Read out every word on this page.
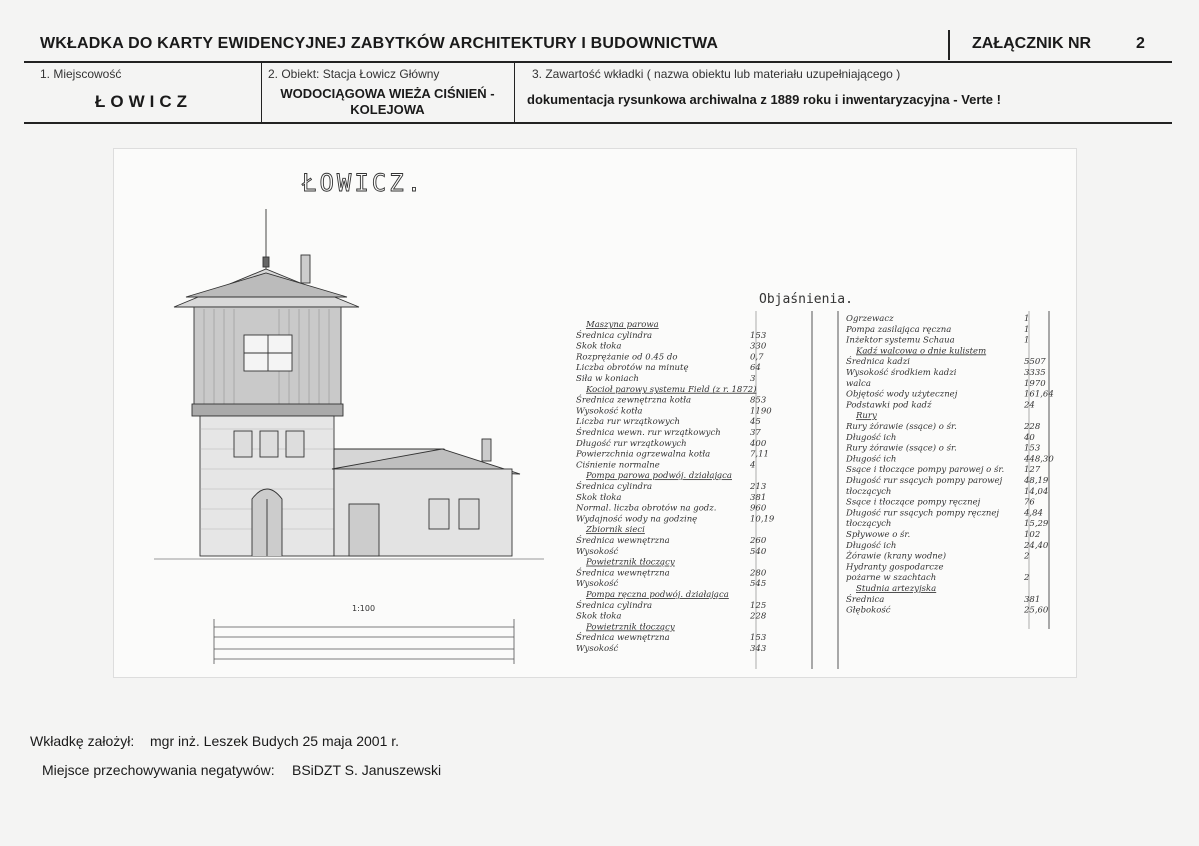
WKŁADKA DO KARTY EWIDENCYJNEJ ZABYTKÓW ARCHITEKTURY I BUDOWNICTWA	ZAŁĄCZNIK NR	2
1. Miejscowość
ŁOWICZ
2. Obiekt: Stacja Łowicz Główny
WODOCIĄGOWA WIEŻA CIŚNIEŃ - KOLEJOWA
3. Zawartość wkładki ( nazwa obiektu lub materiału uzupełniającego )
dokumentacja rysunkowa archiwalna z 1889 roku i inwentaryzacyjna - Verte !
ŁOWICZ.
1:100
Objaśnienia.
Maszyna parowa
Średnica cylindra	153
Skok tłoka	330
Rozprężanie od 0.45 do	0,7
Liczba obrotów na minutę	64
Siła w koniach	3
Kocioł parowy systemu Field (z r. 1872)
Średnica zewnętrzna kotła	853
Wysokość kotła	1190
Liczba rur wrzątkowych	45
Średnica wewn. rur wrzątkowych	37
Długość rur wrzątkowych	400
Powierzchnia ogrzewalna kotła	7,11
Ciśnienie normalne	4
Pompa parowa podwój. działająca
Średnica cylindra	213
Skok tłoka	381
Normal. liczba obrotów na godz.	960
Wydajność wody na godzinę	10,19
Zbiornik sieci
Średnica wewnętrzna	260
Wysokość	540
Powietrznik tłoczący
Średnica wewnętrzna	280
Wysokość	545
Pompa ręczna podwój. działająca
Średnica cylindra	125
Skok tłoka	228
Powietrznik tłoczący
Średnica wewnętrzna	153
Wysokość	343
Ogrzewacz	1
Pompa zasilająca ręczna	1
Inżektor systemu Schaua	1
Kadź walcowa o dnie kulistem
Średnica kadzi	5507
Wysokość środkiem kadzi	3335
walca	1970
Objętość wody użytecznej	161,64
Podstawki pod kadź	24
Rury
Rury żórawie (ssące) o śr.	228
Długość ich	40
Rury żórawie (ssące) o śr.	153
Długość ich	448,30
Ssące i tłoczące pompy parowej o śr. 127
Długość rur ssących pompy parowej	48,19
tłoczących	14,04
Ssące i tłoczące pompy ręcznej	76
Długość rur ssących pompy ręcznej	4,84
tłoczących	15,29
Spływowe o śr.	102
Długość ich	24,40
Żórawie (krany wodne)	2
Hydranty gospodarcze
pożarne w szachtach	2
Studnia artezyjska
Średnica	381
Głębokość	25,60
Wkładkę założył: mgr inż. Leszek Budych 25 maja 2001 r.
Miejsce przechowywania negatywów: BSiDZT S. Januszewski
